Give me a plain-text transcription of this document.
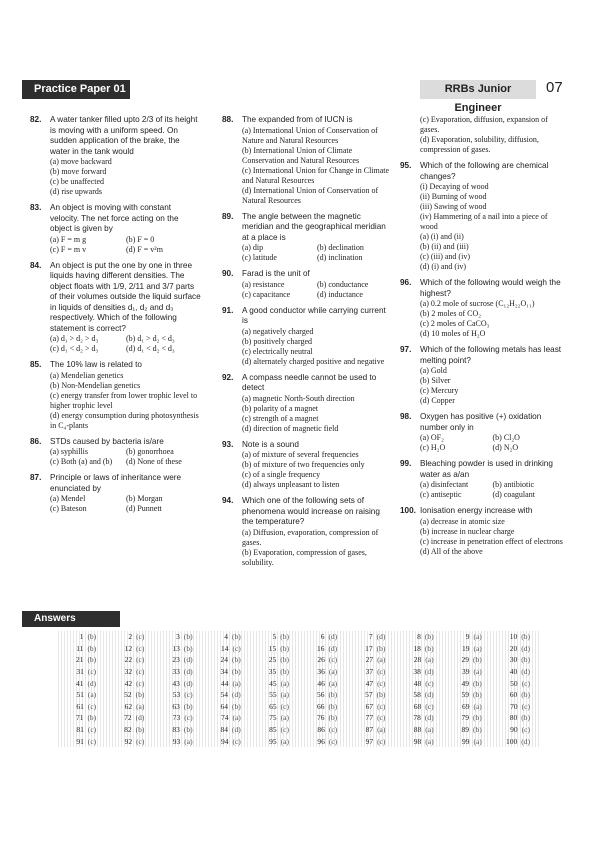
Practice Paper 01	RRBs Junior Engineer
07
82.	A water tanker filled upto 2/3 of its height is moving with a uniform speed. On sudden application of the brake, the water in the tank would
(a) move backward
(b) move forward
(c) be unaffected
(d) rise upwards
83.	An object is moving with constant velocity. The net force acting on the object is given by
(a) F = m g	(b) F = 0
(c) F = m v	(d) F = v²m
84.	An object is put the one by one in three liquids having different densities. The object floats with 1/9, 2/11 and 3/7 parts of their volumes outside the liquid surface in liquids of densities d₁, d₂ and d₃ respectively. Which of the following statement is correct?
(a) d₁ > d₂ > d₃	(b) d₁ > d₂ < d₃
(c) d₁ < d₂ > d₃	(d) d₁ < d₂ < d₃
85.	The 10% law is related to
(a) Mendelian genetics
(b) Non-Mendelian genetics
(c) energy transfer from lower trophic level to higher trophic level
(d) energy consumption during photosynthesis in C₄-plants
86.	STDs caused by bacteria is/are
(a) syphillis	(b) gonorrhoea
(c) Both (a) and (b)	(d) None of these
87.	Principle or laws of inheritance were enunciated by
(a) Mendel	(b) Morgan
(c) Bateson	(d) Punnett
88.	The expanded from of IUCN is
(a) International Union of Conservation of Nature and Natural Resources
(b) International Union of Climate Conservation and Natural Resources
(c) International Union for Change in Climate and Natural Resources
(d) International Union of Conservation of Natural Resources
89.	The angle between the magnetic meridian and the geographical meridian at a place is
(a) dip	(b) declination
(c) latitude	(d) inclination
90.	Farad is the unit of
(a) resistance	(b) conductance
(c) capacitance	(d) inductance
91.	A good conductor while carrying current is
(a) negatively charged
(b) positively charged
(c) electrically neutral
(d) alternately charged positive and negative
92.	A compass needle cannot be used to detect
(a) magnetic North-South direction
(b) polarity of a magnet
(c) strength of a magnet
(d) direction of magnetic field
93.	Note is a sound
(a) of mixture of several frequencies
(b) of mixture of two frequencies only
(c) of a single frequency
(d) always unpleasant to listen
94.	Which one of the following sets of phenomena would increase on raising the temperature?
(a) Diffusion, evaporation, compression of gases.
(b) Evaporation, compression of gases, solubility.
(c) Evaporation, diffusion, expansion of gases.
(d) Evaporation, solubility, diffusion, compression of gases.
95.	Which of the following are chemical changes?
(i) Decaying of wood
(ii) Burning of wood
(iii) Sawing of wood
(iv) Hammering of a nail into a piece of wood
(a) (i) and (ii)
(b) (ii) and (iii)
(c) (iii) and (iv)
(d) (i) and (iv)
96.	Which of the following would weigh the highest?
(a) 0.2 mole of sucrose (C₁₂H₂₂O₁₁)
(b) 2 moles of CO₂
(c) 2 moles of CaCO₃
(d) 10 moles of H₂O
97.	Which of the following metals has least melting point?
(a) Gold
(b) Silver
(c) Mercury
(d) Copper
98.	Oxygen has positive (+) oxidation number only in
(a) OF₂	(b) Cl₂O
(c) H₂O	(d) N₂O
99.	Bleaching powder is used in drinking water as a/an
(a) disinfectant	(b) antibiotic
(c) antiseptic	(d) coagulant
100. Ionisation energy increase with
(a) decrease in atomic size
(b) increase in nuclear charge
(c) increase in penetration effect of electrons
(d) All of the above
Answers
1 (b)	2 (c)	3 (b)	4 (b)	5 (b)	6 (d)	7 (d)	8 (b)	9 (a)	10 (b)
11 (b)	12 (c)	13 (b)	14 (c)	15 (b)	16 (d)	17 (b)	18 (b)	19 (a)	20 (d)
21 (b)	22 (c)	23 (d)	24 (b)	25 (b)	26 (c)	27 (a)	28 (a)	29 (b)	30 (b)
31 (c)	32 (c)	33 (d)	34 (b)	35 (b)	36 (a)	37 (c)	38 (d)	39 (a)	40 (d)
41 (d)	42 (c)	43 (d)	44 (a)	45 (a)	46 (a)	47 (c)	48 (c)	49 (b)	50 (c)
51 (a)	52 (b)	53 (c)	54 (d)	55 (a)	56 (b)	57 (b)	58 (d)	59 (b)	60 (b)
61 (c)	62 (a)	63 (b)	64 (b)	65 (c)	66 (b)	67 (c)	68 (c)	69 (a)	70 (c)
71 (b)	72 (d)	73 (c)	74 (a)	75 (a)	76 (b)	77 (c)	78 (d)	79 (b)	80 (b)
81 (c)	82 (b)	83 (b)	84 (d)	85 (c)	86 (c)	87 (a)	88 (a)	89 (b)	90 (c)
91 (c)	92 (c)	93 (a)	94 (c)	95 (a)	96 (c)	97 (c)	98 (a)	99 (a)	100 (d)
